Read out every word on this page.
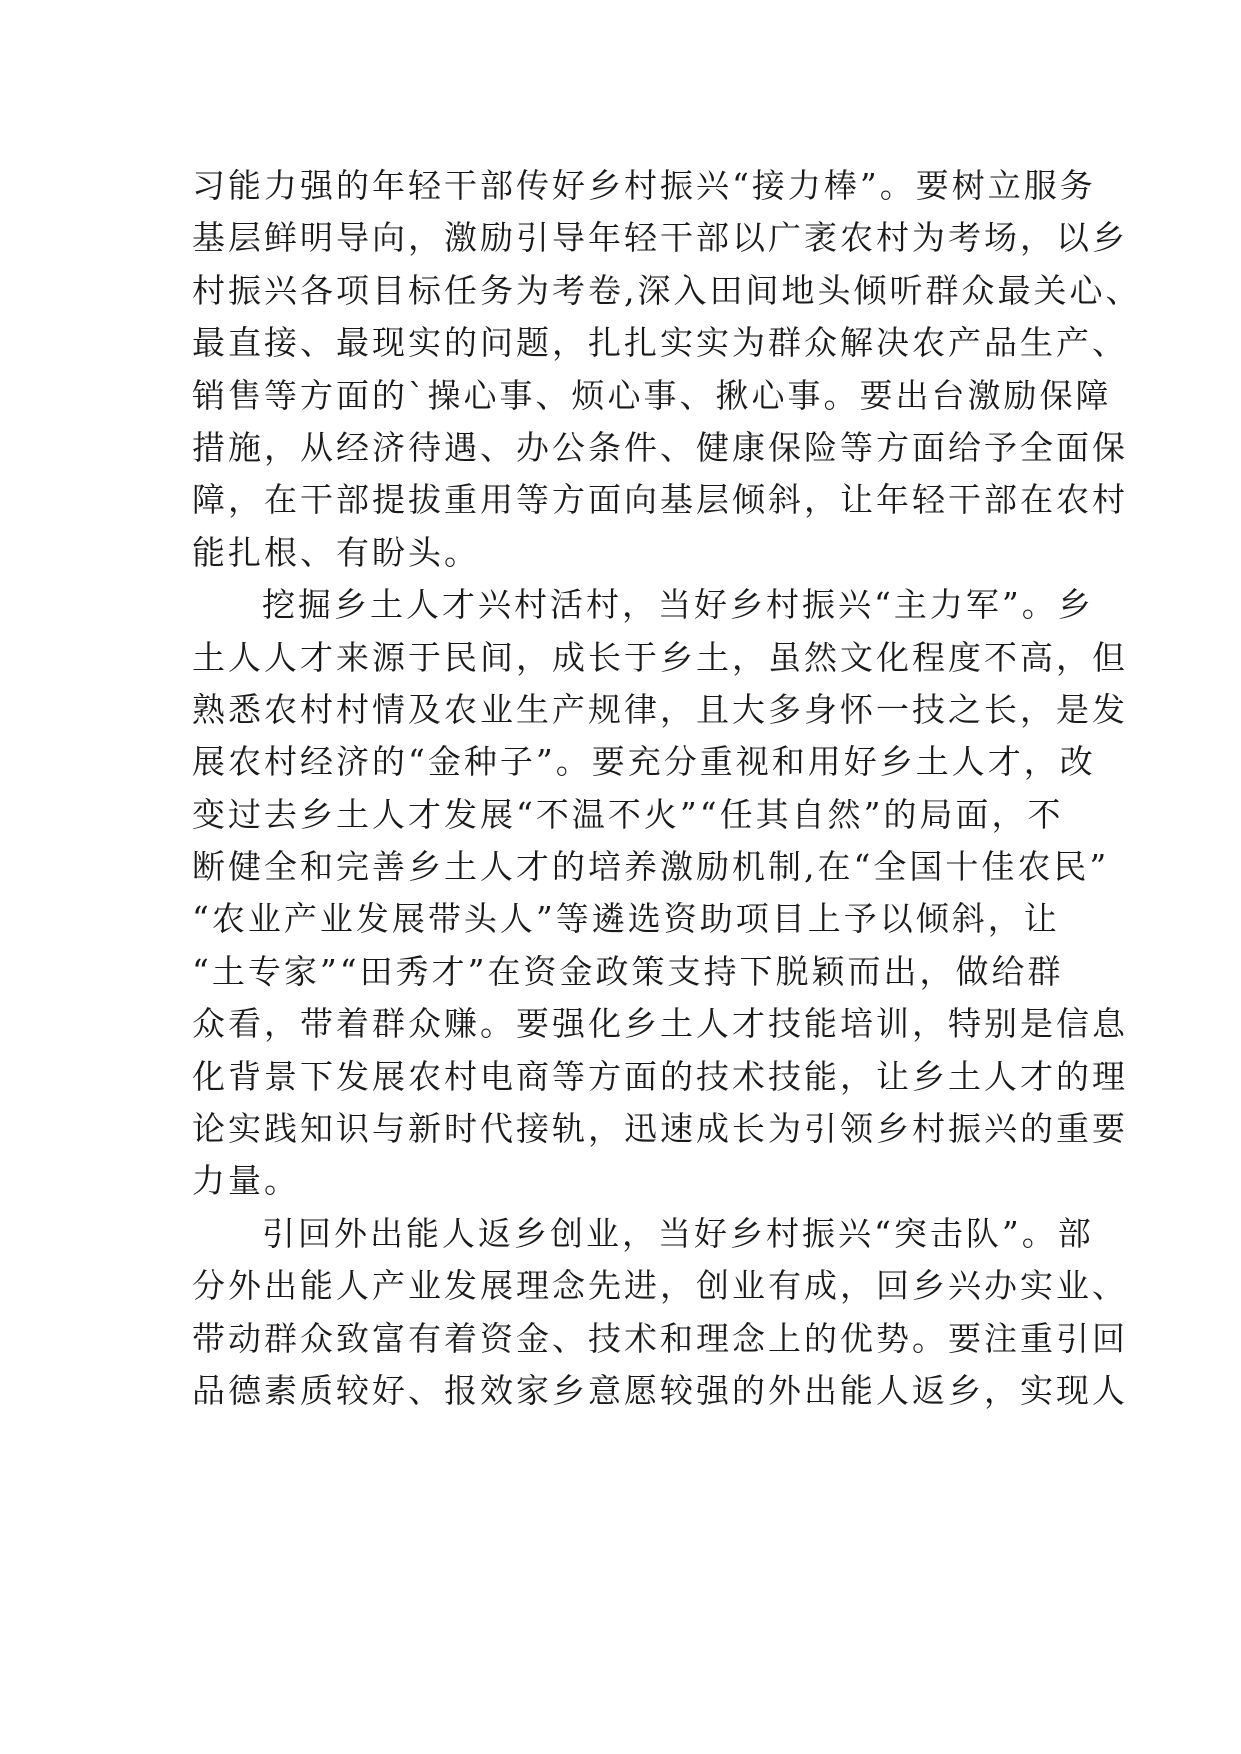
习能力强的年轻干部传好乡村振兴“接力棒”。要树立服务
基层鲜明导向，激励引导年轻干部以广袤农村为考场，以乡
村振兴各项目标任务为考卷,深入田间地头倾听群众最关心、
最直接、最现实的问题，扎扎实实为群众解决农产品生产、
销售等方面的`操心事、烦心事、揪心事。要出台激励保障
措施，从经济待遇、办公条件、健康保险等方面给予全面保
障，在干部提拔重用等方面向基层倾斜，让年轻干部在农村
能扎根、有盼头。
挖掘乡土人才兴村活村，当好乡村振兴“主力军”。乡
土人人才来源于民间，成长于乡土，虽然文化程度不高，但
熟悉农村村情及农业生产规律，且大多身怀一技之长，是发
展农村经济的“金种子”。要充分重视和用好乡土人才，改
变过去乡土人才发展“不温不火”“任其自然”的局面，不
断健全和完善乡土人才的培养激励机制,在“全国十佳农民”
“农业产业发展带头人”等遴选资助项目上予以倾斜，让
“土专家”“田秀才”在资金政策支持下脱颖而出，做给群
众看，带着群众赚。要强化乡土人才技能培训，特别是信息
化背景下发展农村电商等方面的技术技能，让乡土人才的理
论实践知识与新时代接轨，迅速成长为引领乡村振兴的重要
力量。
引回外出能人返乡创业，当好乡村振兴“突击队”。部
分外出能人产业发展理念先进，创业有成，回乡兴办实业、
带动群众致富有着资金、技术和理念上的优势。要注重引回
品德素质较好、报效家乡意愿较强的外出能人返乡，实现人
